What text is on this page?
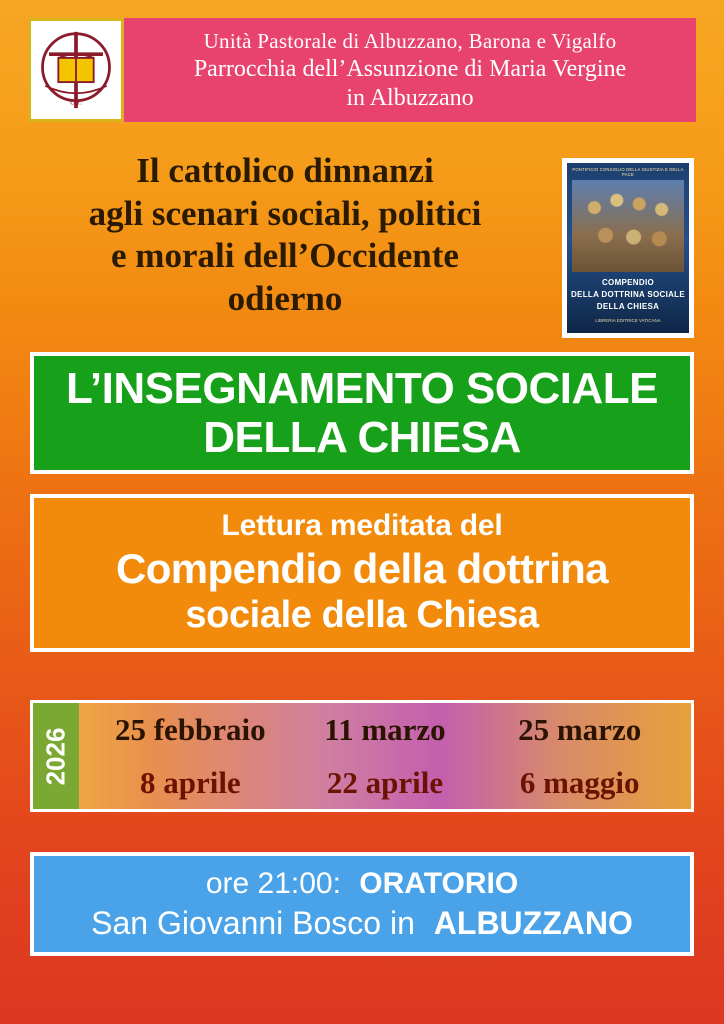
U.P.
Unità Pastorale di Albuzzano, Barona e Vigalfo
Parrocchia dell’Assunzione di Maria Vergine
in Albuzzano
Il cattolico dinnanzi
agli scenari sociali, politici
e morali dell’Occidente
odierno
PONTIFICIO CONSIGLIO DELLA GIUSTIZIA E DELLA PACE
COMPENDIO
DELLA DOTTRINA SOCIALE
DELLA CHIESA
LIBRERIA EDITRICE VATICANA
L’INSEGNAMENTO SOCIALE
DELLA CHIESA
Lettura meditata del
Compendio della dottrina
sociale della Chiesa
2026	25 febbraio	11 marzo	25 marzo
8 aprile	22 aprile	6 maggio
ore 21:00: ORATORIO
San Giovanni Bosco in ALBUZZANO
